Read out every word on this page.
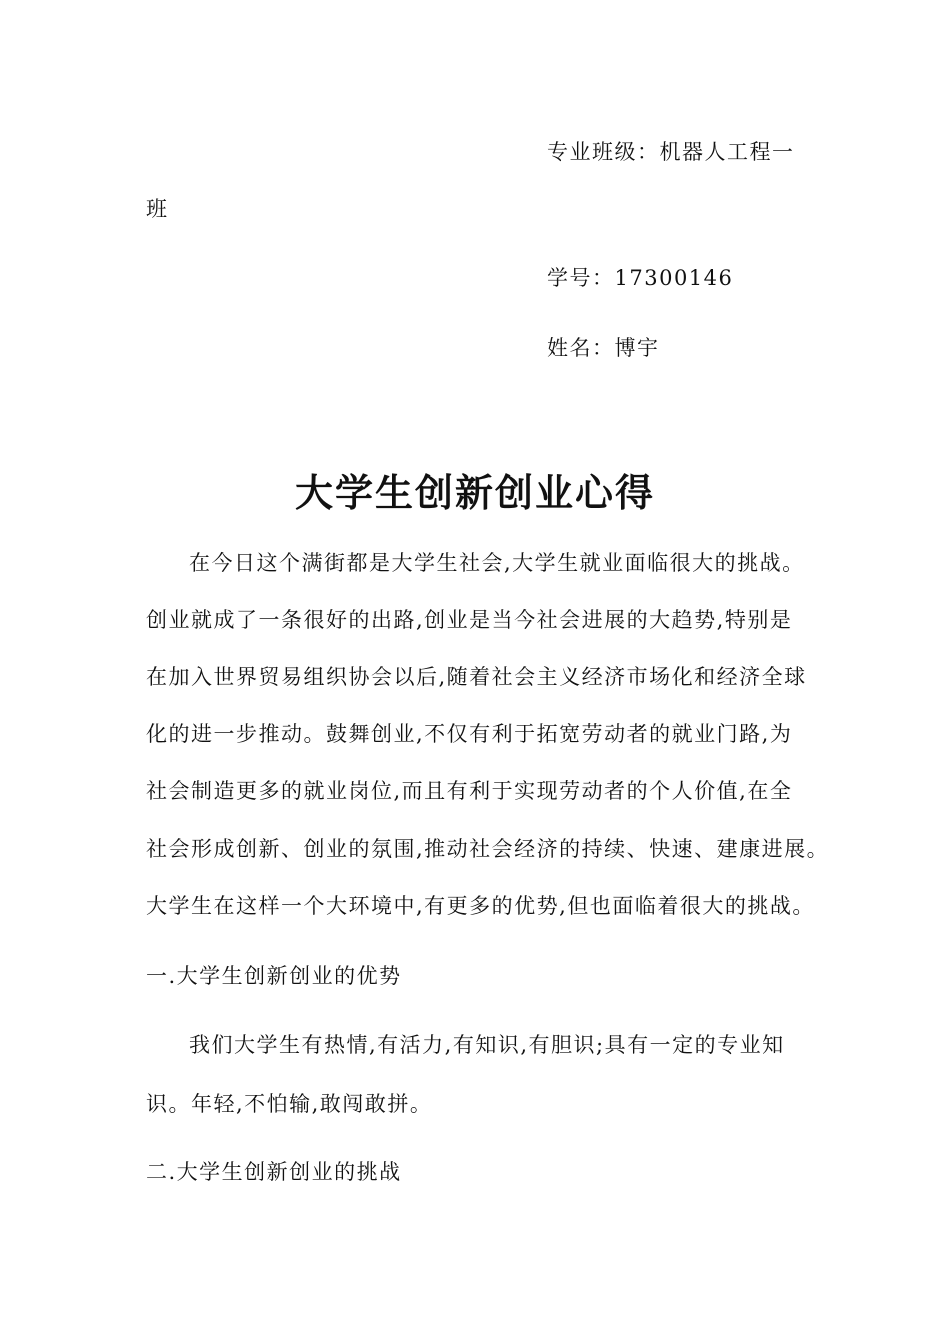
专业班级：机器人工程一
班
学号：17300146
姓名：博宇
大学生创新创业心得
在今日这个满街都是大学生社会,大学生就业面临很大的挑战。
创业就成了一条很好的出路,创业是当今社会进展的大趋势,特别是
在加入世界贸易组织协会以后,随着社会主义经济市场化和经济全球
化的进一步推动。鼓舞创业,不仅有利于拓宽劳动者的就业门路,为
社会制造更多的就业岗位,而且有利于实现劳动者的个人价值,在全
社会形成创新、创业的氛围,推动社会经济的持续、快速、建康进展。
大学生在这样一个大环境中,有更多的优势,但也面临着很大的挑战。
一.大学生创新创业的优势
我们大学生有热情,有活力,有知识,有胆识;具有一定的专业知
识。年轻,不怕输,敢闯敢拼。
二.大学生创新创业的挑战
